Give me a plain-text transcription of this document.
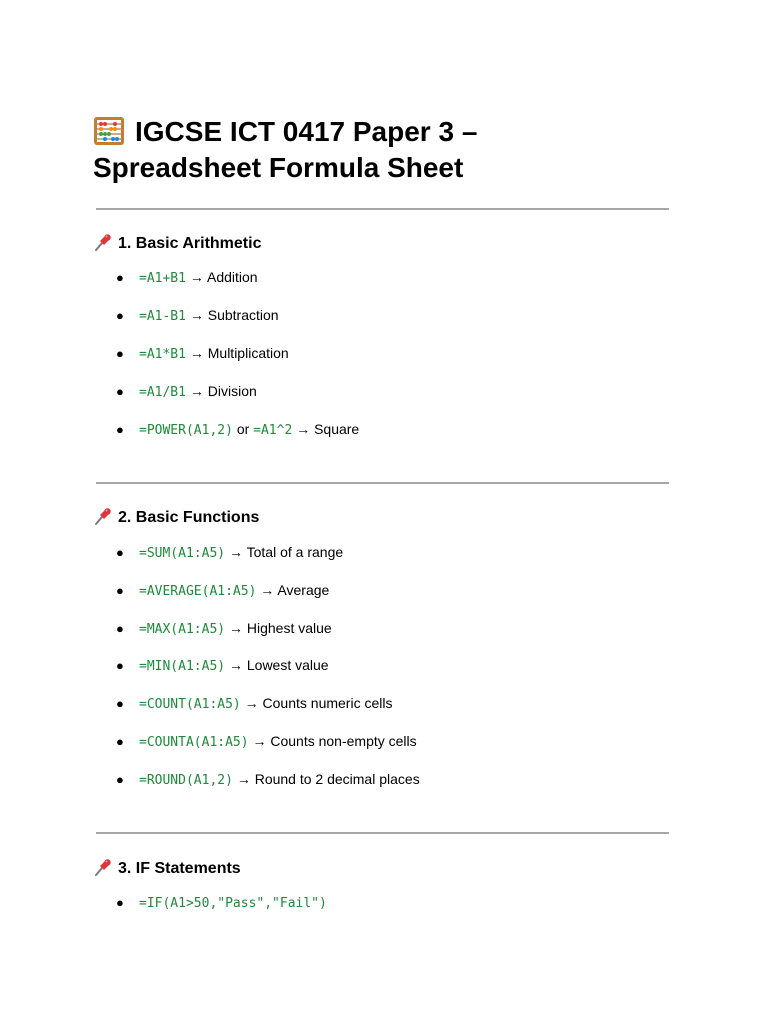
IGCSE ICT 0417 Paper 3 –
Spreadsheet Formula Sheet
1. Basic Arithmetic
● =A1+B1 → Addition
● =A1-B1 → Subtraction
● =A1*B1 → Multiplication
● =A1/B1 → Division
● =POWER(A1,2) or =A1^2 → Square
2. Basic Functions
● =SUM(A1:A5) → Total of a range
● =AVERAGE(A1:A5) → Average
● =MAX(A1:A5) → Highest value
● =MIN(A1:A5) → Lowest value
● =COUNT(A1:A5) → Counts numeric cells
● =COUNTA(A1:A5) → Counts non-empty cells
● =ROUND(A1,2) → Round to 2 decimal places
3. IF Statements
● =IF(A1>50,"Pass","Fail")
